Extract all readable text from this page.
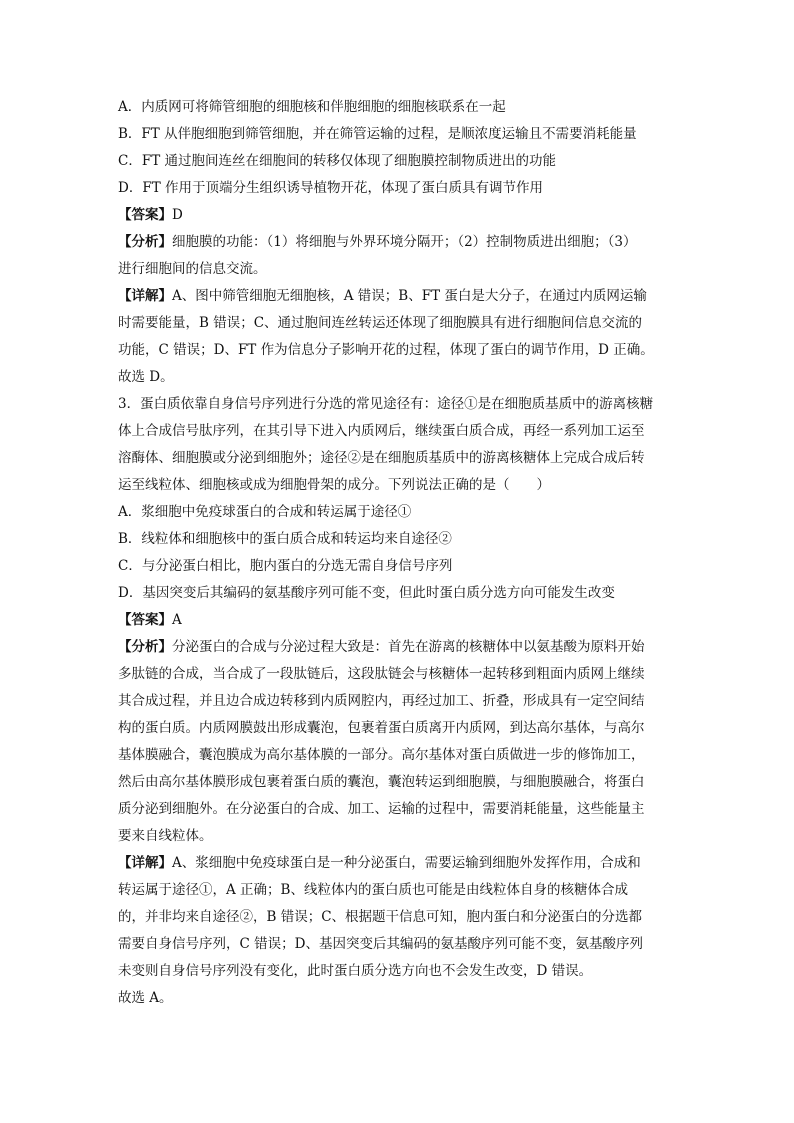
A．内质网可将筛管细胞的细胞核和伴胞细胞的细胞核联系在一起
B．FT 从伴胞细胞到筛管细胞，并在筛管运输的过程，是顺浓度运输且不需要消耗能量
C．FT 通过胞间连丝在细胞间的转移仅体现了细胞膜控制物质进出的功能
D．FT 作用于顶端分生组织诱导植物开花，体现了蛋白质具有调节作用
【答案】D
【分析】细胞膜的功能：（1）将细胞与外界环境分隔开；（2）控制物质进出细胞；（3）
进行细胞间的信息交流。
【详解】A、图中筛管细胞无细胞核，A 错误；B、FT 蛋白是大分子，在通过内质网运输
时需要能量，B 错误；C、通过胞间连丝转运还体现了细胞膜具有进行细胞间信息交流的
功能，C 错误；D、FT 作为信息分子影响开花的过程，体现了蛋白的调节作用，D 正确。
故选 D。
3．蛋白质依靠自身信号序列进行分选的常见途径有：途径①是在细胞质基质中的游离核糖
体上合成信号肽序列，在其引导下进入内质网后，继续蛋白质合成，再经一系列加工运至
溶酶体、细胞膜或分泌到细胞外；途径②是在细胞质基质中的游离核糖体上完成合成后转
运至线粒体、细胞核或成为细胞骨架的成分。下列说法正确的是（　　）
A．浆细胞中免疫球蛋白的合成和转运属于途径①
B．线粒体和细胞核中的蛋白质合成和转运均来自途径②
C．与分泌蛋白相比，胞内蛋白的分选无需自身信号序列
D．基因突变后其编码的氨基酸序列可能不变，但此时蛋白质分选方向可能发生改变
【答案】A
【分析】分泌蛋白的合成与分泌过程大致是：首先在游离的核糖体中以氨基酸为原料开始
多肽链的合成，当合成了一段肽链后，这段肽链会与核糖体一起转移到粗面内质网上继续
其合成过程，并且边合成边转移到内质网腔内，再经过加工、折叠，形成具有一定空间结
构的蛋白质。内质网膜鼓出形成囊泡，包裹着蛋白质离开内质网，到达高尔基体，与高尔
基体膜融合，囊泡膜成为高尔基体膜的一部分。高尔基体对蛋白质做进一步的修饰加工，
然后由高尔基体膜形成包裹着蛋白质的囊泡，囊泡转运到细胞膜，与细胞膜融合，将蛋白
质分泌到细胞外。在分泌蛋白的合成、加工、运输的过程中，需要消耗能量，这些能量主
要来自线粒体。
【详解】A、浆细胞中免疫球蛋白是一种分泌蛋白，需要运输到细胞外发挥作用，合成和
转运属于途径①，A 正确；B、线粒体内的蛋白质也可能是由线粒体自身的核糖体合成
的，并非均来自途径②，B 错误；C、根据题干信息可知，胞内蛋白和分泌蛋白的分选都
需要自身信号序列，C 错误；D、基因突变后其编码的氨基酸序列可能不变，氨基酸序列
未变则自身信号序列没有变化，此时蛋白质分选方向也不会发生改变，D 错误。
故选 A。
